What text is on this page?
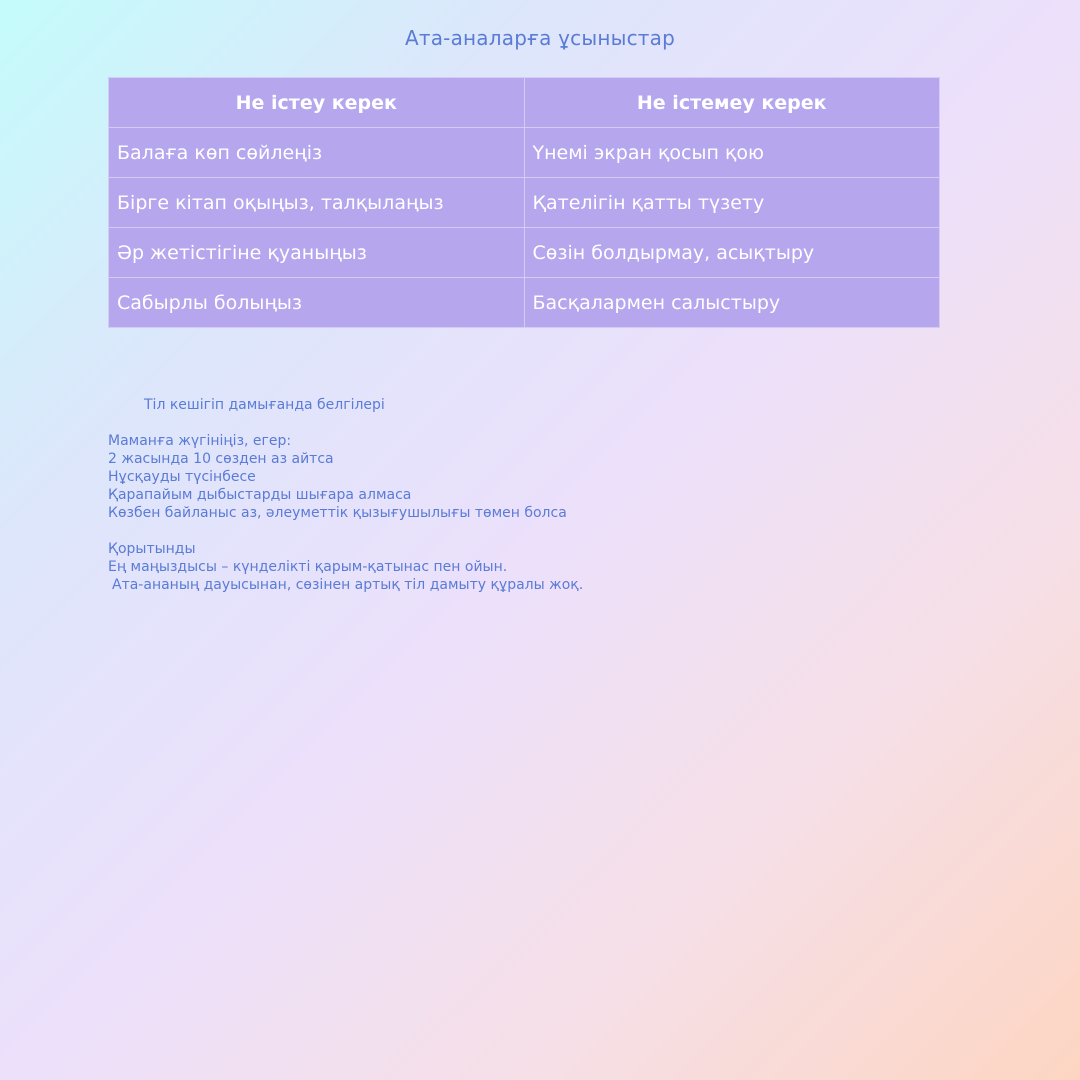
Ата-аналарға ұсыныстар
Не істеу керек	Не істемеу керек
Балаға көп сөйлеңіз	Үнемі экран қосып қою
Бірге кітап оқыңыз, талқылаңыз	Қателігін қатты түзету
Әр жетістігіне қуаныңыз	Сөзін болдырмау, асықтыру
Сабырлы болыңыз	Басқалармен салыстыру
Тіл кешігіп дамығанда белгілері
Маманға жүгініңіз, егер:
2 жасында 10 сөзден аз айтса
Нұсқауды түсінбесе
Қарапайым дыбыстарды шығара алмаса
Көзбен байланыс аз, әлеуметтік қызығушылығы төмен болса
Қорытынды
Ең маңыздысы – күнделікті қарым-қатынас пен ойын.
Ата-ананың дауысынан, сөзінен артық тіл дамыту құралы жоқ.
